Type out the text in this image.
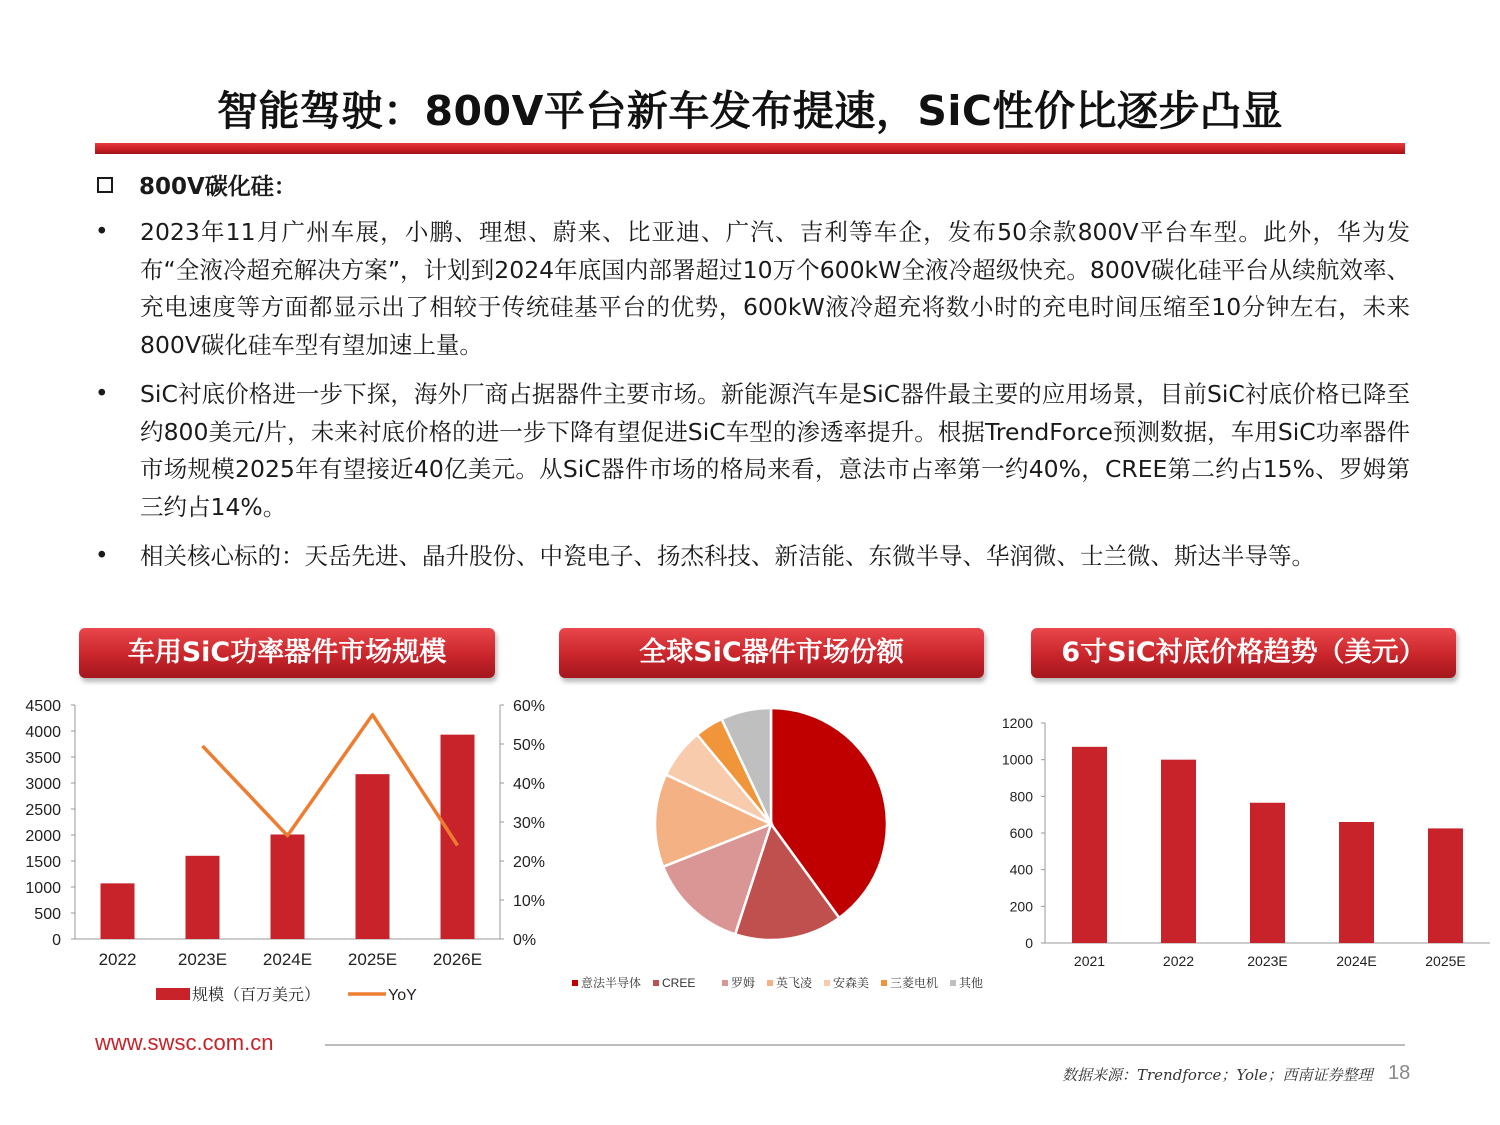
智能驾驶：800V平台新车发布提速，SiC性价比逐步凸显
800V碳化硅：
•	2023年11月广州车展，小鹏、理想、蔚来、比亚迪、广汽、吉利等车企，发布50余款800V平台车型。此外，华为发布“全液冷超充解决方案”，计划到2024年底国内部署超过10万个600kW全液冷超级快充。800V碳化硅平台从续航效率、充电速度等方面都显示出了相较于传统硅基平台的优势，600kW液冷超充将数小时的充电时间压缩至10分钟左右，未来800V碳化硅车型有望加速上量。
•	SiC衬底价格进一步下探，海外厂商占据器件主要市场。新能源汽车是SiC器件最主要的应用场景，目前SiC衬底价格已降至约800美元/片，未来衬底价格的进一步下降有望促进SiC车型的渗透率提升。根据TrendForce预测数据，车用SiC功率器件市场规模2025年有望接近40亿美元。从SiC器件市场的格局来看，意法市占率第一约40%，CREE第二约占15%、罗姆第三约占14%。
•	相关核心标的：天岳先进、晶升股份、中瓷电子、扬杰科技、新洁能、东微半导、华润微、士兰微、斯达半导等。
车用SiC功率器件市场规模	全球SiC器件市场份额	6寸SiC衬底价格趋势（美元）
0
500
1000
1500
2000
2500
3000
3500
4000
4500
0%
10%
20%
30%
40%
50%
60%
2022 2023E 2024E 2025E 2026E
规模（百万美元）	YoY
意法半导体 CREE	罗姆 英飞凌 安森美 三菱电机 其他
0
200
400
600
800
1000
1200
2021	2022	2023E	2024E	2025E
www.swsc.com.cn
数据来源：Trendforce；Yole；西南证券整理 18
